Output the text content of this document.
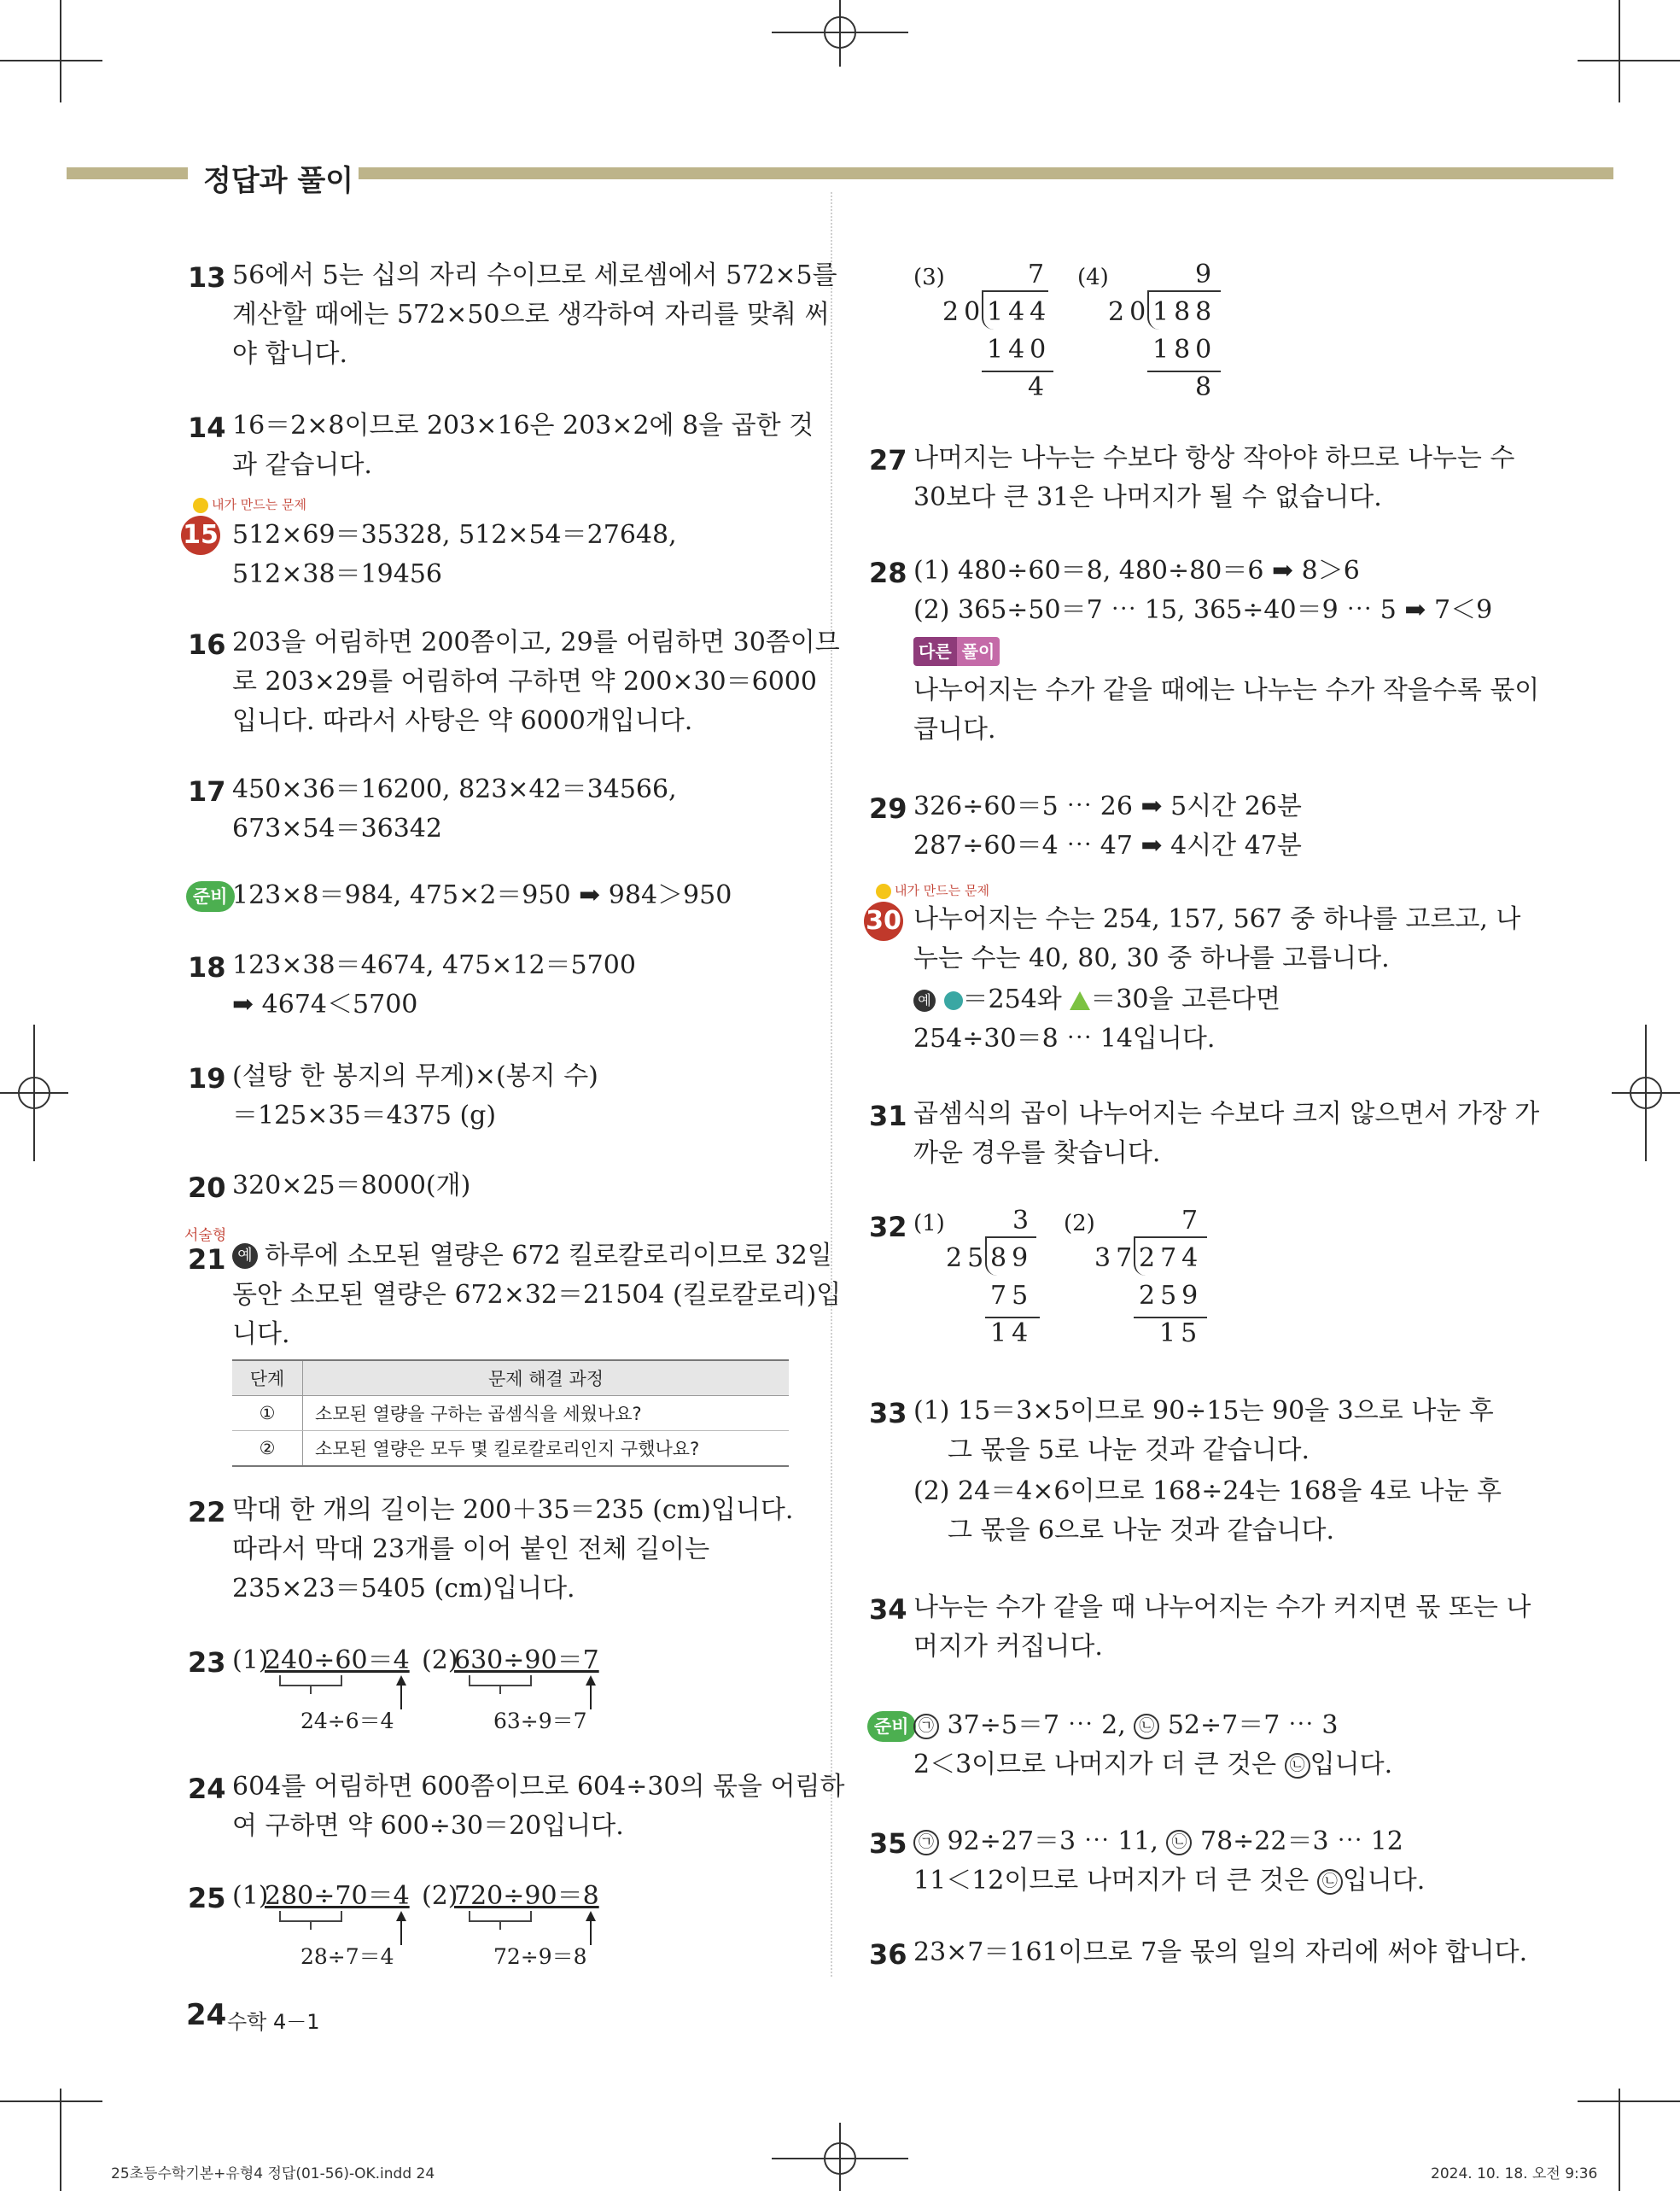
정답과 풀이
13 56에서 5는 십의 자리 수이므로 세로셈에서 572×5를
계산할 때에는 572×50으로 생각하여 자리를 맞춰 써
야 합니다.
14 16＝2×8이므로 203×16은 203×2에 8을 곱한 것
과 같습니다.
내가 만드는 문제
15 512×69＝35328, 512×54＝27648,
512×38＝19456
16 203을 어림하면 200쯤이고, 29를 어림하면 30쯤이므
로 203×29를 어림하여 구하면 약 200×30＝6000
입니다. 따라서 사탕은 약 6000개입니다.
17 450×36＝16200, 823×42＝34566,
673×54＝36342
준비 123×8＝984, 475×2＝950 ➡ 984＞950
18 123×38＝4674, 475×12＝5700
➡ 4674＜5700
19 (설탕 한 봉지의 무게)×(봉지 수)
＝125×35＝4375 (g)
20 320×25＝8000(개)
서술형
21 예 하루에 소모된 열량은 672 킬로칼로리이므로 32일
동안 소모된 열량은 672×32＝21504 (킬로칼로리)입
니다.
단계	문제 해결 과정
①	소모된 열량을 구하는 곱셈식을 세웠나요?
②	소모된 열량은 모두 몇 킬로칼로리인지 구했나요?
22 막대 한 개의 길이는 200＋35＝235 (cm)입니다.
따라서 막대 23개를 이어 붙인 전체 길이는
235×23＝5405 (cm)입니다.
23 (1)
240÷60＝4
24÷6＝4
(2)
630÷90＝7
63÷9＝7
24 604를 어림하면 600쯤이므로 604÷30의 몫을 어림하
여 구하면 약 600÷30＝20입니다.
25 (1)
280÷70＝4
28÷7＝4
(2)
720÷90＝8
72÷9＝8
(3)	7
20 144
140
4
(4)	9
20 188
180
8
27 나머지는 나누는 수보다 항상 작아야 하므로 나누는 수
30보다 큰 31은 나머지가 될 수 없습니다.
28 (1) 480÷60＝8, 480÷80＝6 ➡ 8＞6
(2) 365÷50＝7 ⋯ 15, 365÷40＝9 ⋯ 5 ➡ 7＜9
다른 풀이
나누어지는 수가 같을 때에는 나누는 수가 작을수록 몫이
큽니다.
29 326÷60＝5 ⋯ 26 ➡ 5시간 26분
287÷60＝4 ⋯ 47 ➡ 4시간 47분
내가 만드는 문제
30 나누어지는 수는 254, 157, 567 중 하나를 고르고, 나
누는 수는 40, 80, 30 중 하나를 고릅니다.
예 ＝254와 ＝30을 고른다면
254÷30＝8 ⋯ 14입니다.
31 곱셈식의 곱이 나누어지는 수보다 크지 않으면서 가장 가
까운 경우를 찾습니다.
32 (1)	3
25 89
75
14
(2)	7
37 274
259
15
33 (1) 15＝3×5이므로 90÷15는 90을 3으로 나눈 후
그 몫을 5로 나눈 것과 같습니다.
(2) 24＝4×6이므로 168÷24는 168을 4로 나눈 후
그 몫을 6으로 나눈 것과 같습니다.
34 나누는 수가 같을 때 나누어지는 수가 커지면 몫 또는 나
머지가 커집니다.
준비 ㉠ 37÷5＝7 ⋯ 2, ㉡ 52÷7＝7 ⋯ 3
2＜3이므로 나머지가 더 큰 것은 ㉡ 입니다.
35 ㉠ 92÷27＝3 ⋯ 11, ㉡ 78÷22＝3 ⋯ 12
11＜12이므로 나머지가 더 큰 것은 ㉡ 입니다.
36 23×7＝161이므로 7을 몫의 일의 자리에 써야 합니다.
24 수학 4－1
25초등수학기본+유형4 정답(01-56)-OK.indd 24	2024. 10. 18. 오전 9:36
